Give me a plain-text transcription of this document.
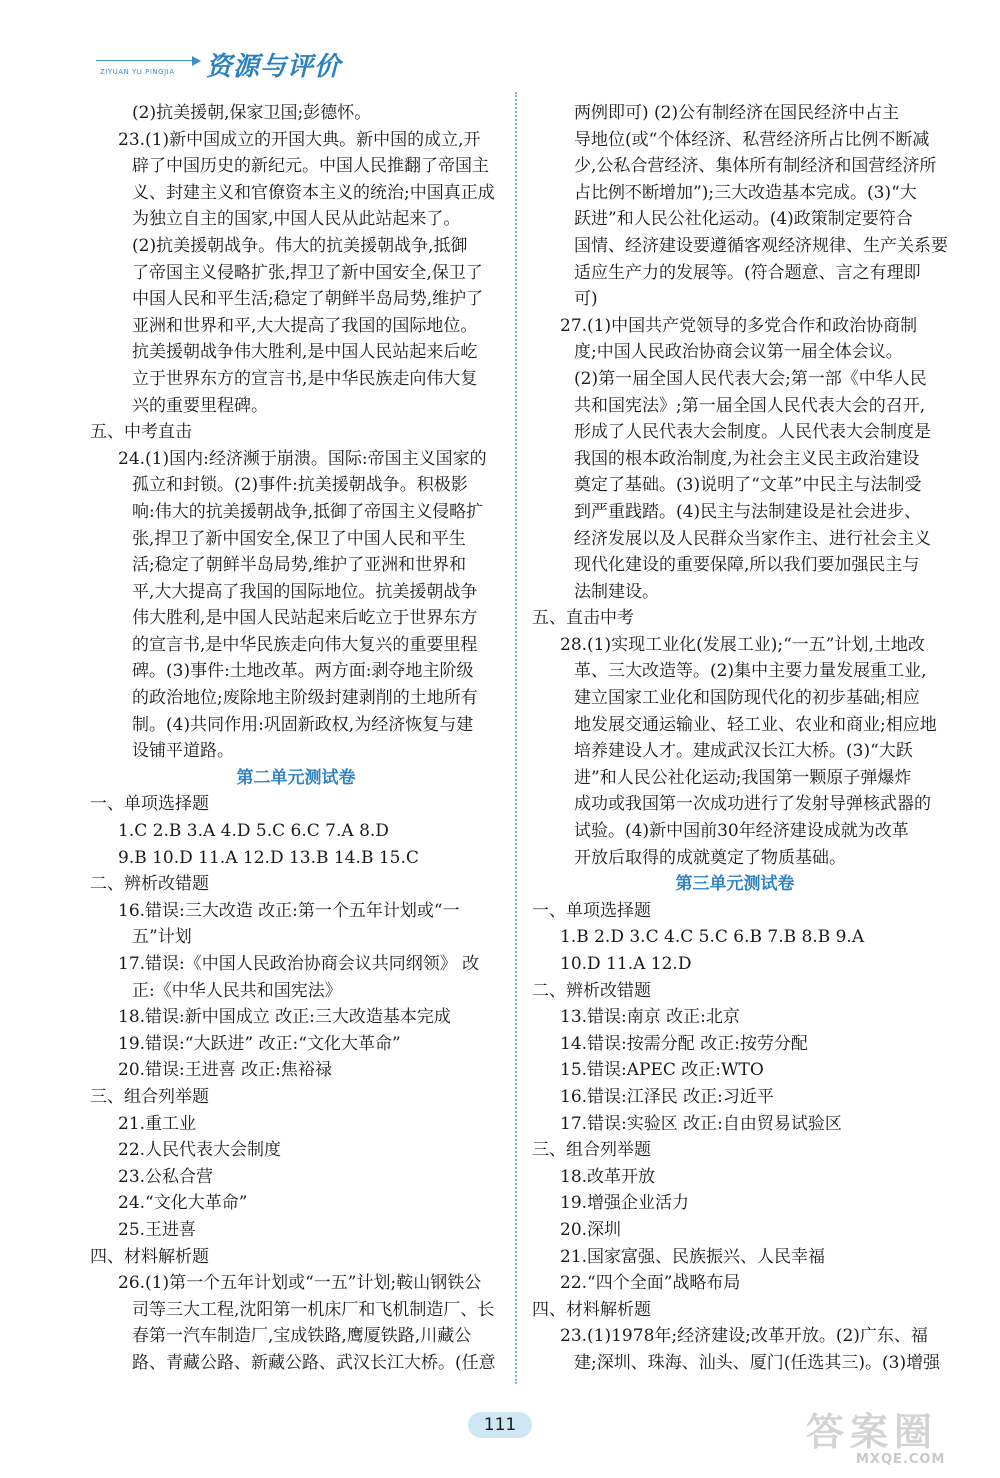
ZIYUAN YU PINGJIA 资源与评价
(2)抗美援朝,保家卫国;彭德怀。
23.(1)新中国成立的开国大典。新中国的成立,开
辟了中国历史的新纪元。中国人民推翻了帝国主
义、封建主义和官僚资本主义的统治;中国真正成
为独立自主的国家,中国人民从此站起来了。
(2)抗美援朝战争。伟大的抗美援朝战争,抵御
了帝国主义侵略扩张,捍卫了新中国安全,保卫了
中国人民和平生活;稳定了朝鲜半岛局势,维护了
亚洲和世界和平,大大提高了我国的国际地位。
抗美援朝战争伟大胜利,是中国人民站起来后屹
立于世界东方的宣言书,是中华民族走向伟大复
兴的重要里程碑。
五、中考直击
24.(1)国内:经济濒于崩溃。国际:帝国主义国家的
孤立和封锁。(2)事件:抗美援朝战争。积极影
响:伟大的抗美援朝战争,抵御了帝国主义侵略扩
张,捍卫了新中国安全,保卫了中国人民和平生
活;稳定了朝鲜半岛局势,维护了亚洲和世界和
平,大大提高了我国的国际地位。抗美援朝战争
伟大胜利,是中国人民站起来后屹立于世界东方
的宣言书,是中华民族走向伟大复兴的重要里程
碑。(3)事件:土地改革。两方面:剥夺地主阶级
的政治地位;废除地主阶级封建剥削的土地所有
制。(4)共同作用:巩固新政权,为经济恢复与建
设铺平道路。
第二单元测试卷
一、单项选择题
1.C 2.B 3.A 4.D 5.C 6.C 7.A 8.D
9.B 10.D 11.A 12.D 13.B 14.B 15.C
二、辨析改错题
16.错误:三大改造 改正:第一个五年计划或“一
五”计划
17.错误:《中国人民政治协商会议共同纲领》 改
正:《中华人民共和国宪法》
18.错误:新中国成立 改正:三大改造基本完成
19.错误:“大跃进” 改正:“文化大革命”
20.错误:王进喜 改正:焦裕禄
三、组合列举题
21.重工业
22.人民代表大会制度
23.公私合营
24.“文化大革命”
25.王进喜
四、材料解析题
26.(1)第一个五年计划或“一五”计划;鞍山钢铁公
司等三大工程,沈阳第一机床厂和飞机制造厂、长
春第一汽车制造厂,宝成铁路,鹰厦铁路,川藏公
路、青藏公路、新藏公路、武汉长江大桥。(任意
两例即可) (2)公有制经济在国民经济中占主
导地位(或“个体经济、私营经济所占比例不断减
少,公私合营经济、集体所有制经济和国营经济所
占比例不断增加”);三大改造基本完成。(3)“大
跃进”和人民公社化运动。(4)政策制定要符合
国情、经济建设要遵循客观经济规律、生产关系要
适应生产力的发展等。(符合题意、言之有理即
可)
27.(1)中国共产党领导的多党合作和政治协商制
度;中国人民政治协商会议第一届全体会议。
(2)第一届全国人民代表大会;第一部《中华人民
共和国宪法》;第一届全国人民代表大会的召开,
形成了人民代表大会制度。人民代表大会制度是
我国的根本政治制度,为社会主义民主政治建设
奠定了基础。(3)说明了“文革”中民主与法制受
到严重践踏。(4)民主与法制建设是社会进步、
经济发展以及人民群众当家作主、进行社会主义
现代化建设的重要保障,所以我们要加强民主与
法制建设。
五、直击中考
28.(1)实现工业化(发展工业);“一五”计划,土地改
革、三大改造等。(2)集中主要力量发展重工业,
建立国家工业化和国防现代化的初步基础;相应
地发展交通运输业、轻工业、农业和商业;相应地
培养建设人才。建成武汉长江大桥。(3)“大跃
进”和人民公社化运动;我国第一颗原子弹爆炸
成功或我国第一次成功进行了发射导弹核武器的
试验。(4)新中国前30年经济建设成就为改革
开放后取得的成就奠定了物质基础。
第三单元测试卷
一、单项选择题
1.B 2.D 3.C 4.C 5.C 6.B 7.B 8.B 9.A
10.D 11.A 12.D
二、辨析改错题
13.错误:南京 改正:北京
14.错误:按需分配 改正:按劳分配
15.错误:APEC 改正:WTO
16.错误:江泽民 改正:习近平
17.错误:实验区 改正:自由贸易试验区
三、组合列举题
18.改革开放
19.增强企业活力
20.深圳
21.国家富强、民族振兴、人民幸福
22.“四个全面”战略布局
四、材料解析题
23.(1)1978年;经济建设;改革开放。(2)广东、福
建;深圳、珠海、汕头、厦门(任选其三)。(3)增强
111	答案圈
MXQE.COM
